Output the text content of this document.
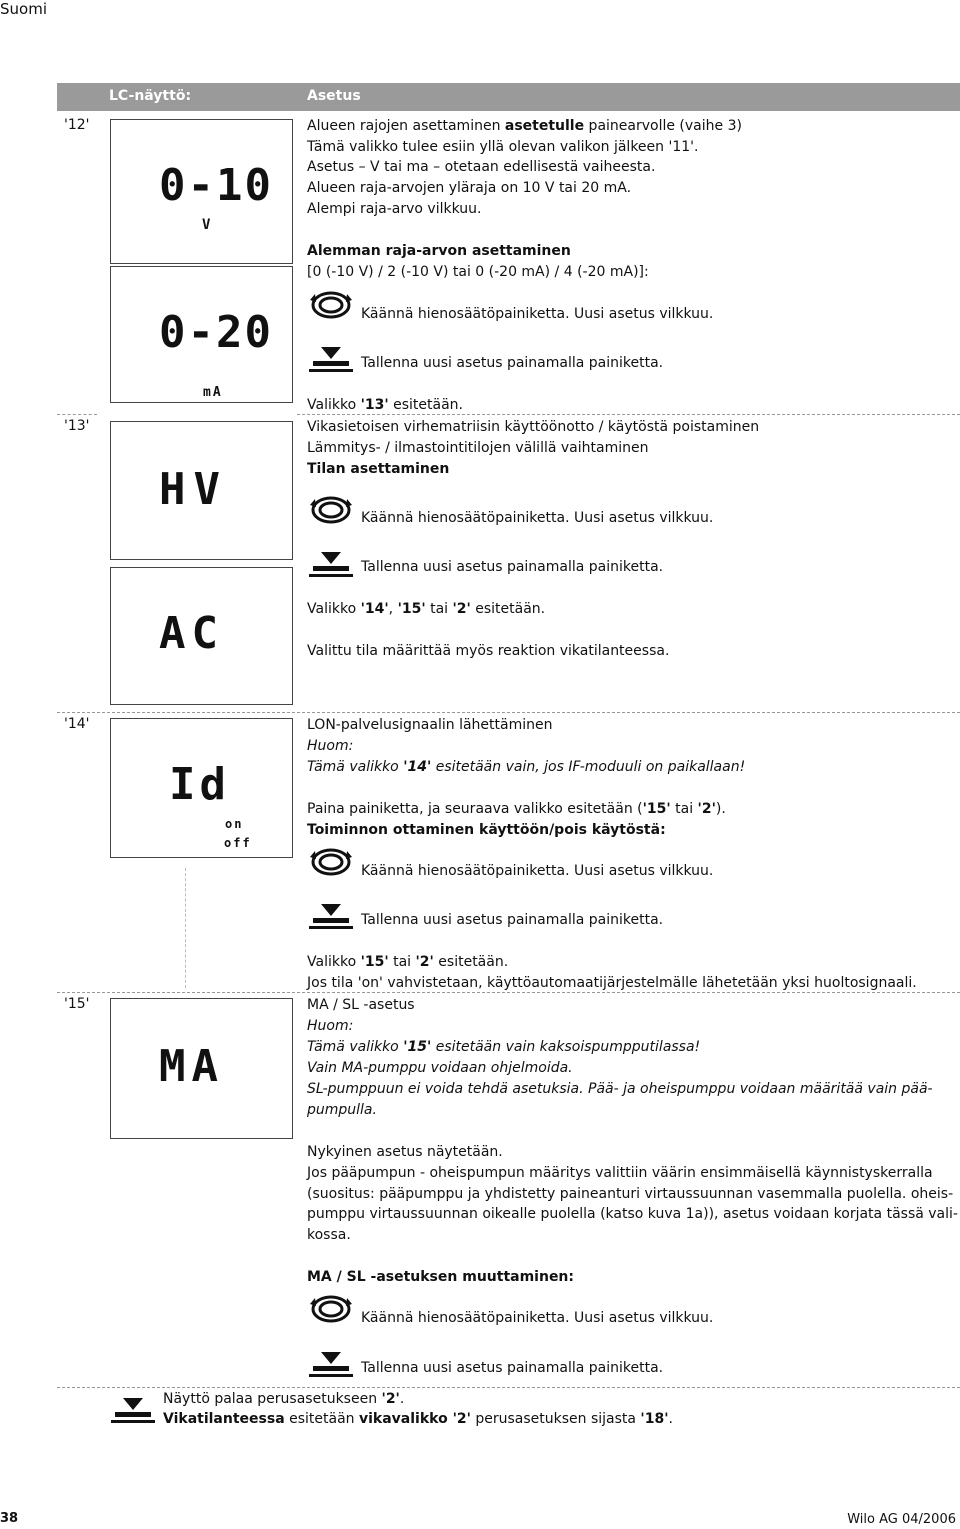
Suomi
LC-näyttö:	Asetus
'12'
0-10
V
0-20
mA
Alueen rajojen asettaminen asetetulle painearvolle (vaihe 3)
Tämä valikko tulee esiin yllä olevan valikon jälkeen '11'.
Asetus – V tai ma – otetaan edellisestä vaiheesta.
Alueen raja-arvojen yläraja on 10 V tai 20 mA.
Alempi raja-arvo vilkkuu.
Alemman raja-arvon asettaminen
[0 (-10 V) / 2 (-10 V) tai 0 (-20 mA) / 4 (-20 mA)]:
Käännä hienosäätöpainiketta. Uusi asetus vilkkuu.
Tallenna uusi asetus painamalla painiketta.
Valikko '13' esitetään.
'13'
HV
AC
Vikasietoisen virhematriisin käyttöönotto / käytöstä poistaminen
Lämmitys- / ilmastointitilojen välillä vaihtaminen
Tilan asettaminen
Käännä hienosäätöpainiketta. Uusi asetus vilkkuu.
Tallenna uusi asetus painamalla painiketta.
Valikko '14', '15' tai '2' esitetään.
Valittu tila määrittää myös reaktion vikatilanteessa.
'14'
Id
on
off
LON-palvelusignaalin lähettäminen
Huom:
Tämä valikko '14' esitetään vain, jos IF-moduuli on paikallaan!
Paina painiketta, ja seuraava valikko esitetään ('15' tai '2').
Toiminnon ottaminen käyttöön/pois käytöstä:
Käännä hienosäätöpainiketta. Uusi asetus vilkkuu.
Tallenna uusi asetus painamalla painiketta.
Valikko '15' tai '2' esitetään.
Jos tila 'on' vahvistetaan, käyttöautomaatijärjestelmälle lähetetään yksi huoltosignaali.
'15'
MA
MA / SL -asetus
Huom:
Tämä valikko '15' esitetään vain kaksoispumpputilassa!
Vain MA-pumppu voidaan ohjelmoida.
SL-pumppuun ei voida tehdä asetuksia. Pää- ja oheispumppu voidaan määritää vain pää-
pumpulla.
Nykyinen asetus näytetään.
Jos pääpumpun - oheispumpun määritys valittiin väärin ensimmäisellä käynnistyskerralla
(suositus: pääpumppu ja yhdistetty paineanturi virtaussuunnan vasemmalla puolella. oheis-
pumppu virtaussuunnan oikealle puolella (katso kuva 1a)), asetus voidaan korjata tässä vali-
kossa.
MA / SL -asetuksen muuttaminen:
Käännä hienosäätöpainiketta. Uusi asetus vilkkuu.
Tallenna uusi asetus painamalla painiketta.
Näyttö palaa perusasetukseen '2'.
Vikatilanteessa esitetään vikavalikko '2' perusasetuksen sijasta '18'.
38	Wilo AG 04/2006
